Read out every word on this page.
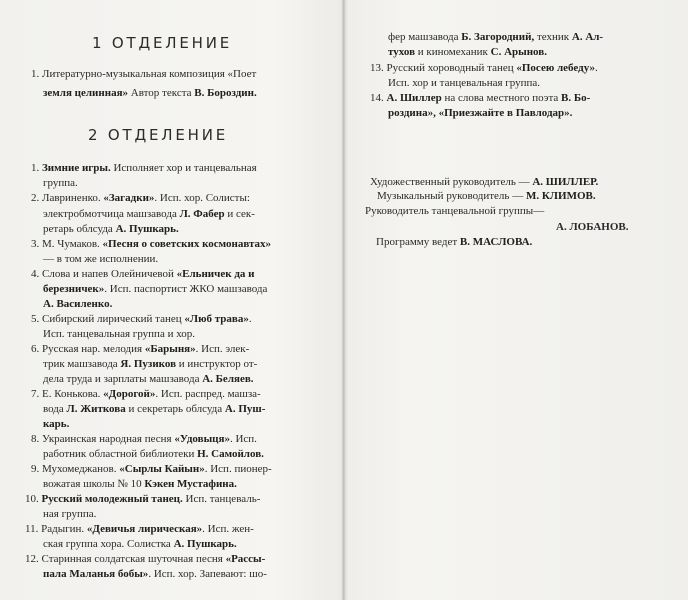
1 ОТДЕЛЕНИЕ
1. Литературно-музыкальная композиция «Поет
земля целинная» Автор текста В. Бороздин.
2 ОТДЕЛЕНИЕ
1. Зимние игры. Исполняет хор и танцевальная
группа.
2. Лавриненко. «Загадки». Исп. хор. Солисты:
электробмотчица машзавода Л. Фабер и сек-
ретарь облсуда А. Пушкарь.
3. М. Чумаков. «Песня о советских космонавтах»
— в том же исполнении.
4. Слова и напев Олейничевой «Ельничек да и
березничек». Исп. паспортист ЖКО машзавода
А. Василенко.
5. Сибирский лирический танец «Люб трава».
Исп. танцевальная группа и хор.
6. Русская нар. мелодия «Барыня». Исп. элек-
трик машзавода Я. Пузиков и инструктор от-
дела труда и зарплаты машзавода А. Беляев.
7. Е. Конькова. «Дорогой». Исп. распред. машза-
вода Л. Житкова и секретарь облсуда А. Пуш-
карь.
8. Украинская народная песня «Удовыця». Исп.
работник областной библиотеки Н. Самойлов.
9. Мухомеджанов. «Сырлы Кайын». Исп. пионер-
вожатая школы № 10 Кэкен Мустафина.
10. Русский молодежный танец. Исп. танцеваль-
ная группа.
11. Радыгин. «Девичья лирическая». Исп. жен-
ская группа хора. Солистка А. Пушкарь.
12. Старинная солдатская шуточная песня «Рассы-
пала Маланья бобы». Исп. хор. Запевают: шо-
фер машзавода Б. Загородний, техник А. Ал-
тухов и киномеханик С. Арынов.
13. Русский хороводный танец «Посею лебеду».
Исп. хор и танцевальная группа.
14. А. Шиллер на слова местного поэта В. Бо-
роздина», «Приезжайте в Павлодар».
Художественный руководитель — А. ШИЛЛЕР.
Музыкальный руководитель — М. КЛИМОВ.
Руководитель танцевальной группы—
А. ЛОБАНОВ.
Программу ведет В. МАСЛОВА.
